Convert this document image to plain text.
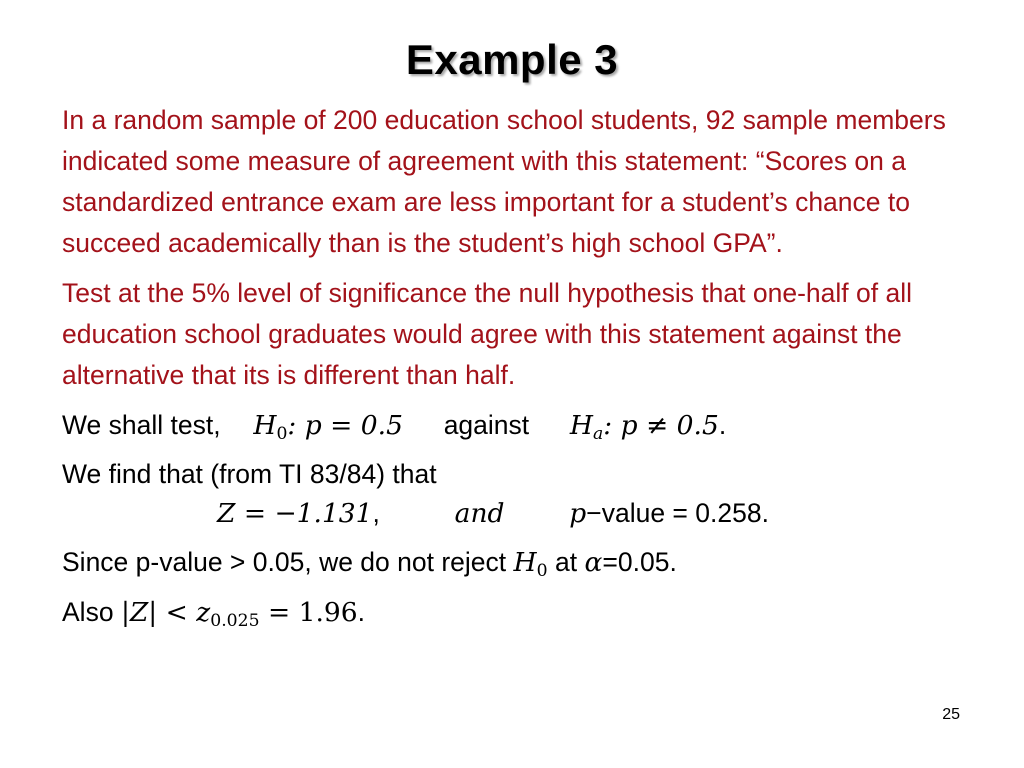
Example 3

In a random sample of 200 education school students, 92 sample members indicated some measure of agreement with this statement: “Scores on a standardized entrance exam are less important for a student’s chance to succeed academically than is the student’s high school GPA”.

Test at the 5% level of significance the null hypothesis that one-half of all education school graduates would agree with this statement against the alternative that its is different than half.

We shall test, $H_0$: p = 0.5 against $H_a$: p ≠ 0.5.

We find that (from TI 83/84) that
Z = −1.131,	and p−value = 0.258.

Since p-value > 0.05, we do not reject $H_0$ at α=0.05.

Also $|Z| < z_{0.025} = 1.96$.

25
